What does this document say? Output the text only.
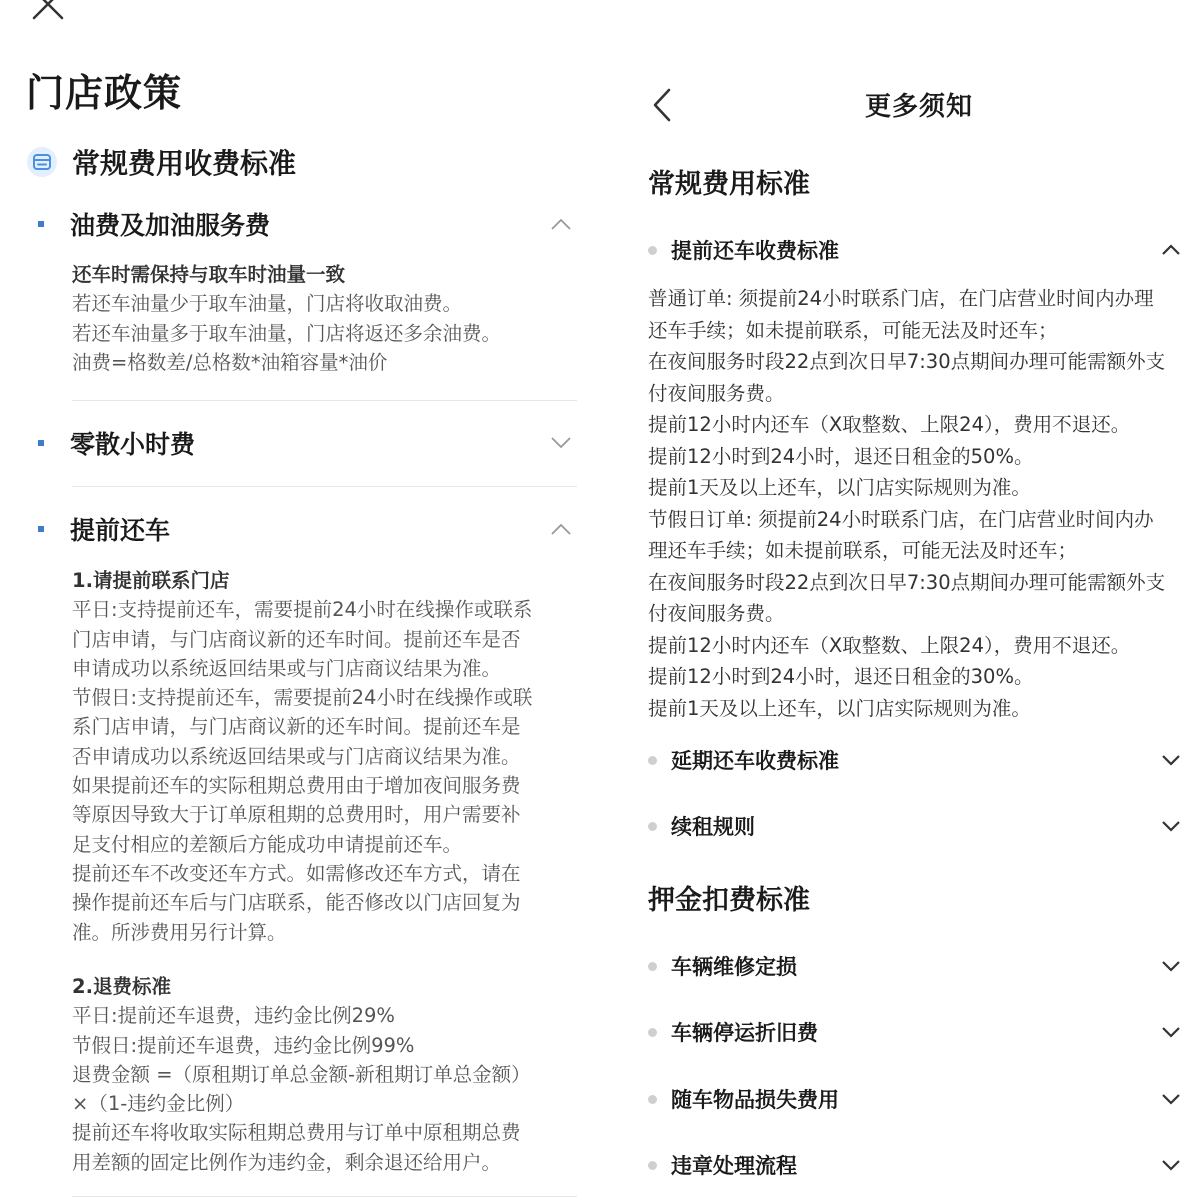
门店政策
常规费用收费标准
油费及加油服务费
还车时需保持与取车时油量一致
若还车油量少于取车油量，门店将收取油费。
若还车油量多于取车油量，门店将返还多余油费。
油费=格数差/总格数*油箱容量*油价
零散小时费
提前还车
1.请提前联系门店
平日:支持提前还车，需要提前24小时在线操作或联系
门店申请，与门店商议新的还车时间。提前还车是否
申请成功以系统返回结果或与门店商议结果为准。
节假日:支持提前还车，需要提前24小时在线操作或联
系门店申请，与门店商议新的还车时间。提前还车是
否申请成功以系统返回结果或与门店商议结果为准。
如果提前还车的实际租期总费用由于增加夜间服务费
等原因导致大于订单原租期的总费用时，用户需要补
足支付相应的差额后方能成功申请提前还车。
提前还车不改变还车方式。如需修改还车方式，请在
操作提前还车后与门店联系，能否修改以门店回复为
准。所涉费用另行计算。
2.退费标准
平日:提前还车退费，违约金比例29%
节假日:提前还车退费，违约金比例99%
退费金额 =（原租期订单总金额-新租期订单总金额）
×（1-违约金比例）
提前还车将收取实际租期总费用与订单中原租期总费
用差额的固定比例作为违约金，剩余退还给用户。
更多须知
常规费用标准
提前还车收费标准
普通订单: 须提前24小时联系门店，在门店营业时间内办理
还车手续；如未提前联系，可能无法及时还车；
在夜间服务时段22点到次日早7:30点期间办理可能需额外支
付夜间服务费。
提前12小时内还车（X取整数、上限24），费用不退还。
提前12小时到24小时，退还日租金的50%。
提前1天及以上还车，以门店实际规则为准。
节假日订单: 须提前24小时联系门店，在门店营业时间内办
理还车手续；如未提前联系，可能无法及时还车；
在夜间服务时段22点到次日早7:30点期间办理可能需额外支
付夜间服务费。
提前12小时内还车（X取整数、上限24），费用不退还。
提前12小时到24小时，退还日租金的30%。
提前1天及以上还车，以门店实际规则为准。
延期还车收费标准
续租规则
押金扣费标准
车辆维修定损
车辆停运折旧费
随车物品损失费用
违章处理流程
